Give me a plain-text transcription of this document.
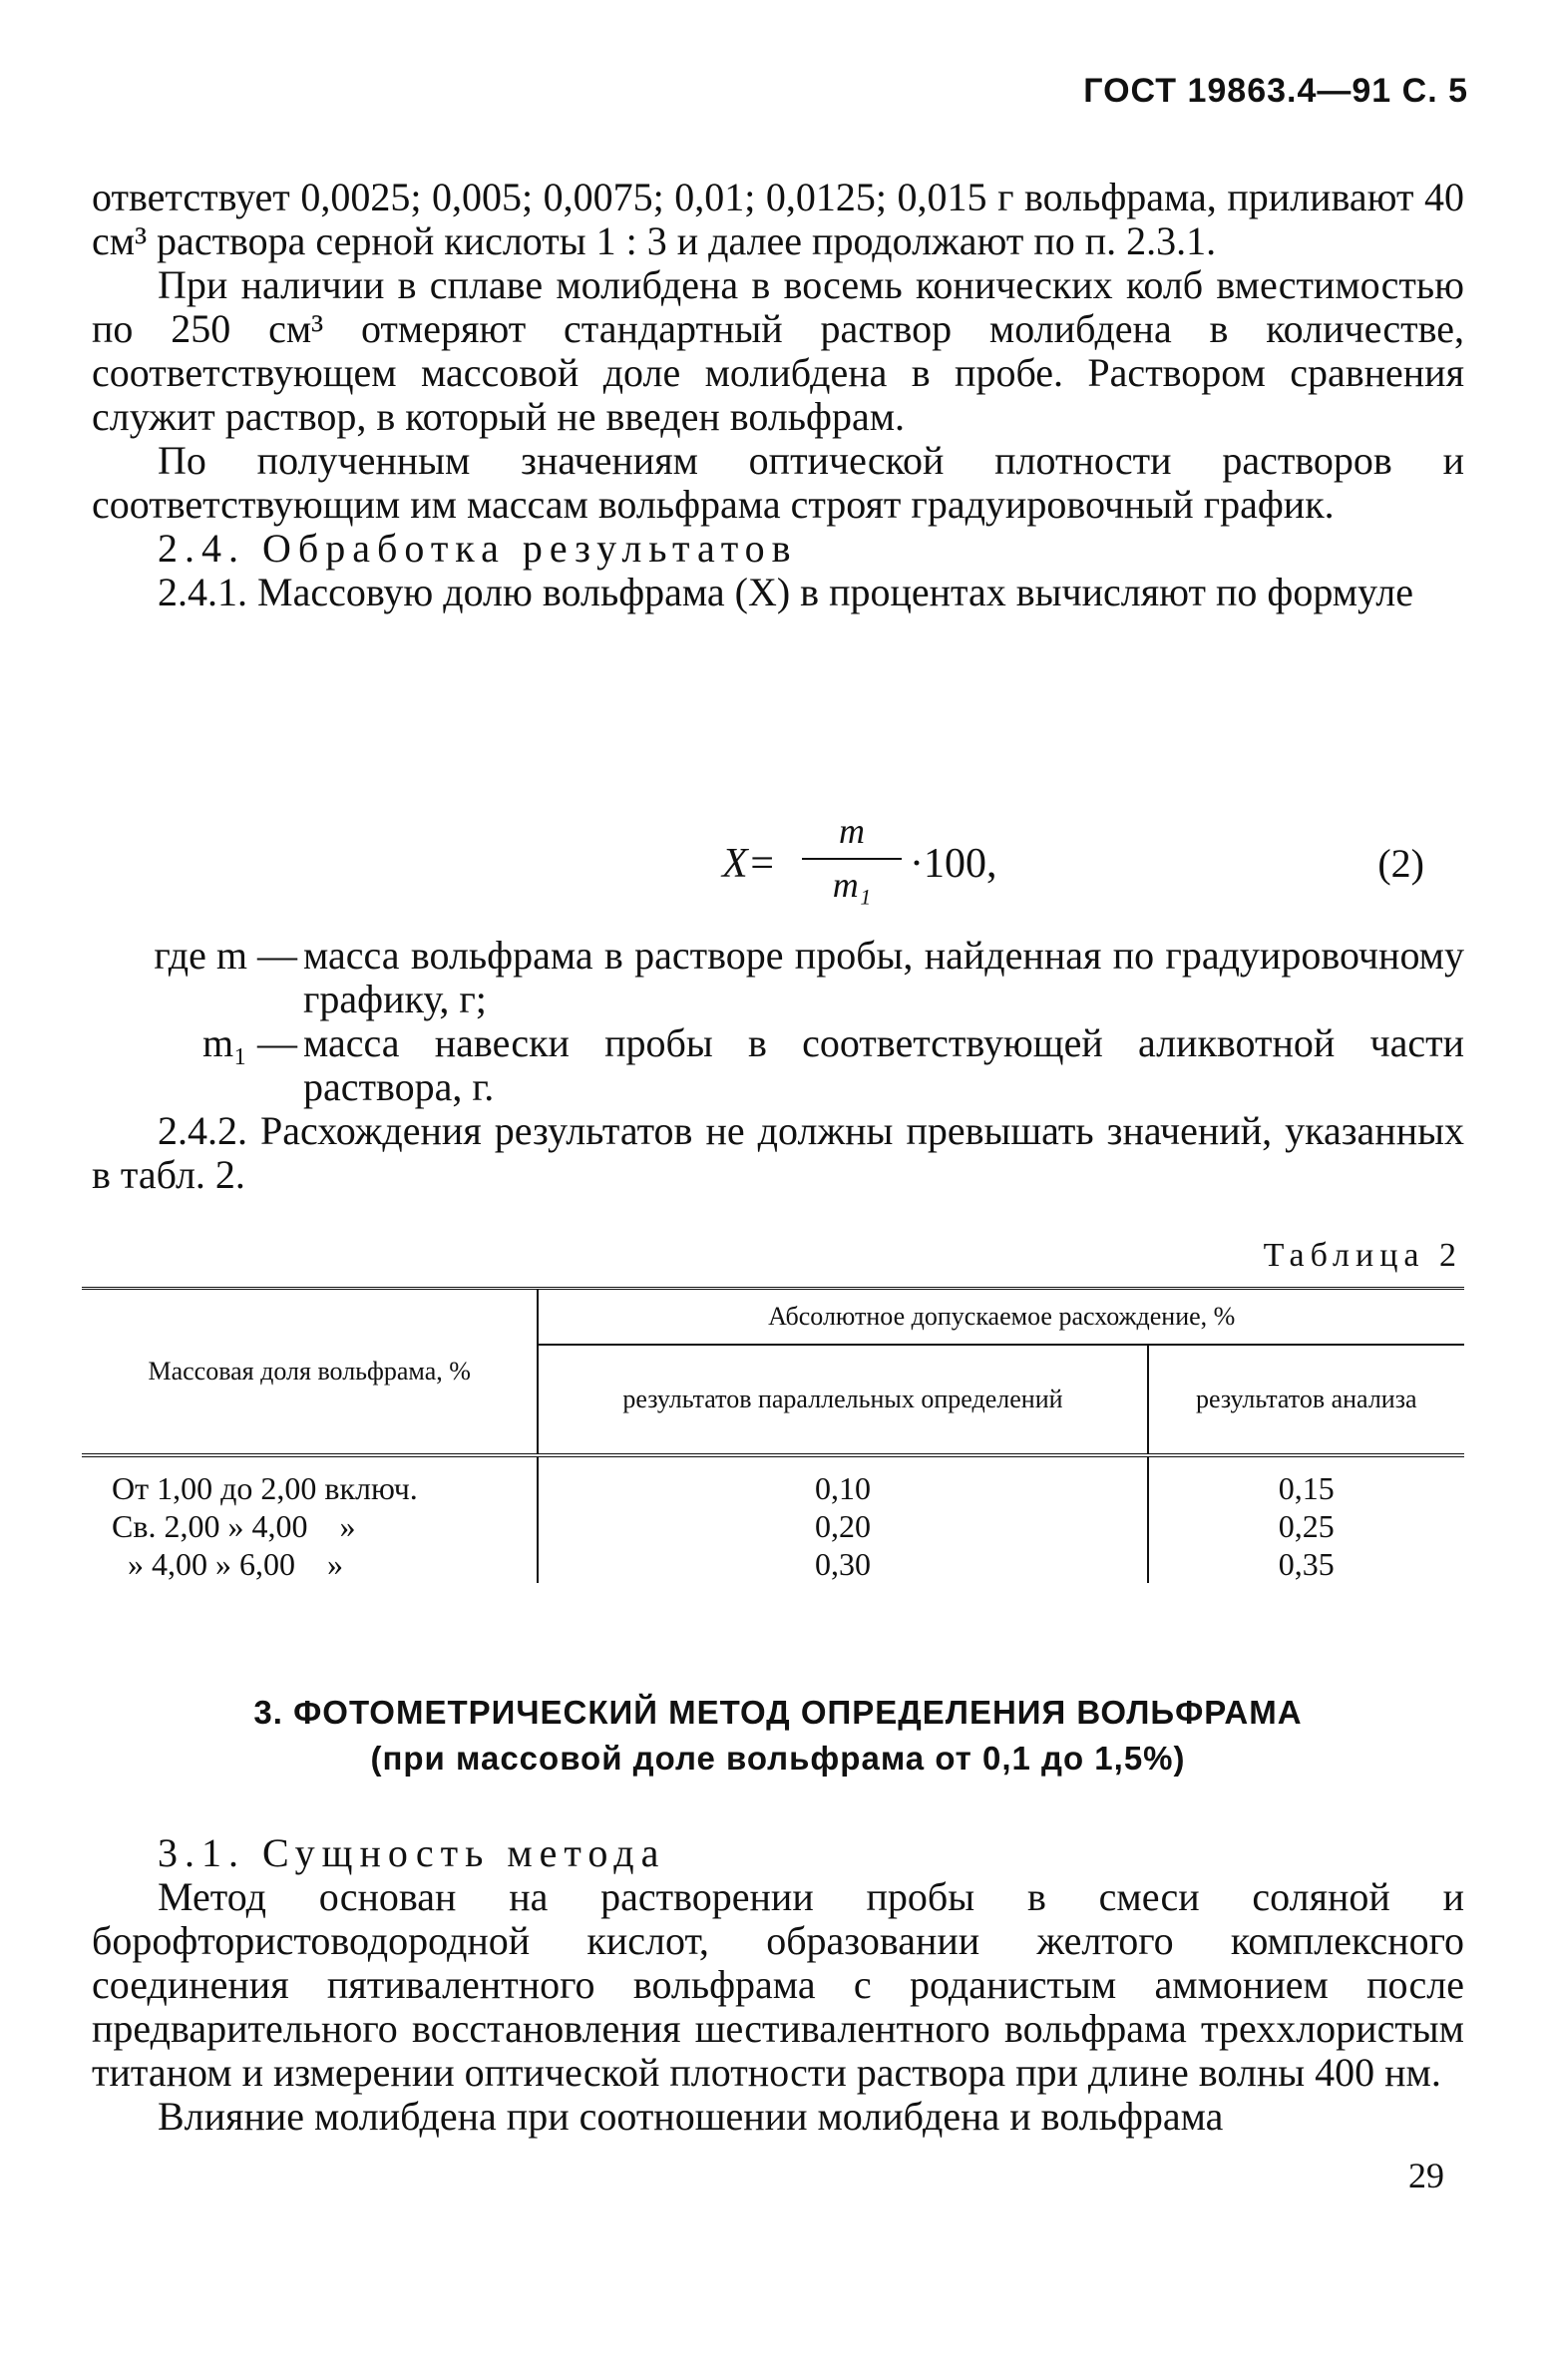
ГОСТ 19863.4—91 С. 5

ответствует 0,0025; 0,005; 0,0075; 0,01; 0,0125; 0,015 г вольфрама, приливают 40 см³ раствора серной кислоты 1 : 3 и далее продолжают по п. 2.3.1.

При наличии в сплаве молибдена в восемь конических колб вместимостью по 250 см³ отмеряют стандартный раствор молибдена в количестве, соответствующем массовой доле молибдена в пробе. Раствором сравнения служит раствор, в который не введен вольфрам.

По полученным значениям оптической плотности растворов и соответствующим им массам вольфрама строят градуировочный график.

2.4. Обработка результатов

2.4.1. Массовую долю вольфрама (X) в процентах вычисляют по формуле

X=
m
m₁ ·100,	(2)
где m — масса вольфрама в растворе пробы, найденная по градуировочному графику, г;
m₁ — масса навески пробы в соответствующей аликвотной части раствора, г.

2.4.2. Расхождения результатов не должны превышать значений, указанных в табл. 2.

Таблица 2
Массовая доля вольфрама, %	Абсолютное допускаемое расхождение, %	
	результатов параллельных определений	результатов анализа

От 1,00 до 2,00 включ.	0,10	0,15
Св. 2,00 » 4,00    »	0,20	0,25
» 4,00 » 6,00    »	0,30	0,35
3. ФОТОМЕТРИЧЕСКИЙ МЕТОД ОПРЕДЕЛЕНИЯ ВОЛЬФРАМА
(при массовой доле вольфрама от 0,1 до 1,5%)

3.1. Сущность метода

Метод основан на растворении пробы в смеси соляной и борофтористоводородной кислот, образовании желтого комплексного соединения пятивалентного вольфрама с роданистым аммонием после предварительного восстановления шестивалентного вольфрама треххлористым титаном и измерении оптической плотности раствора при длине волны 400 нм.

Влияние молибдена при соотношении молибдена и вольфрама

29
